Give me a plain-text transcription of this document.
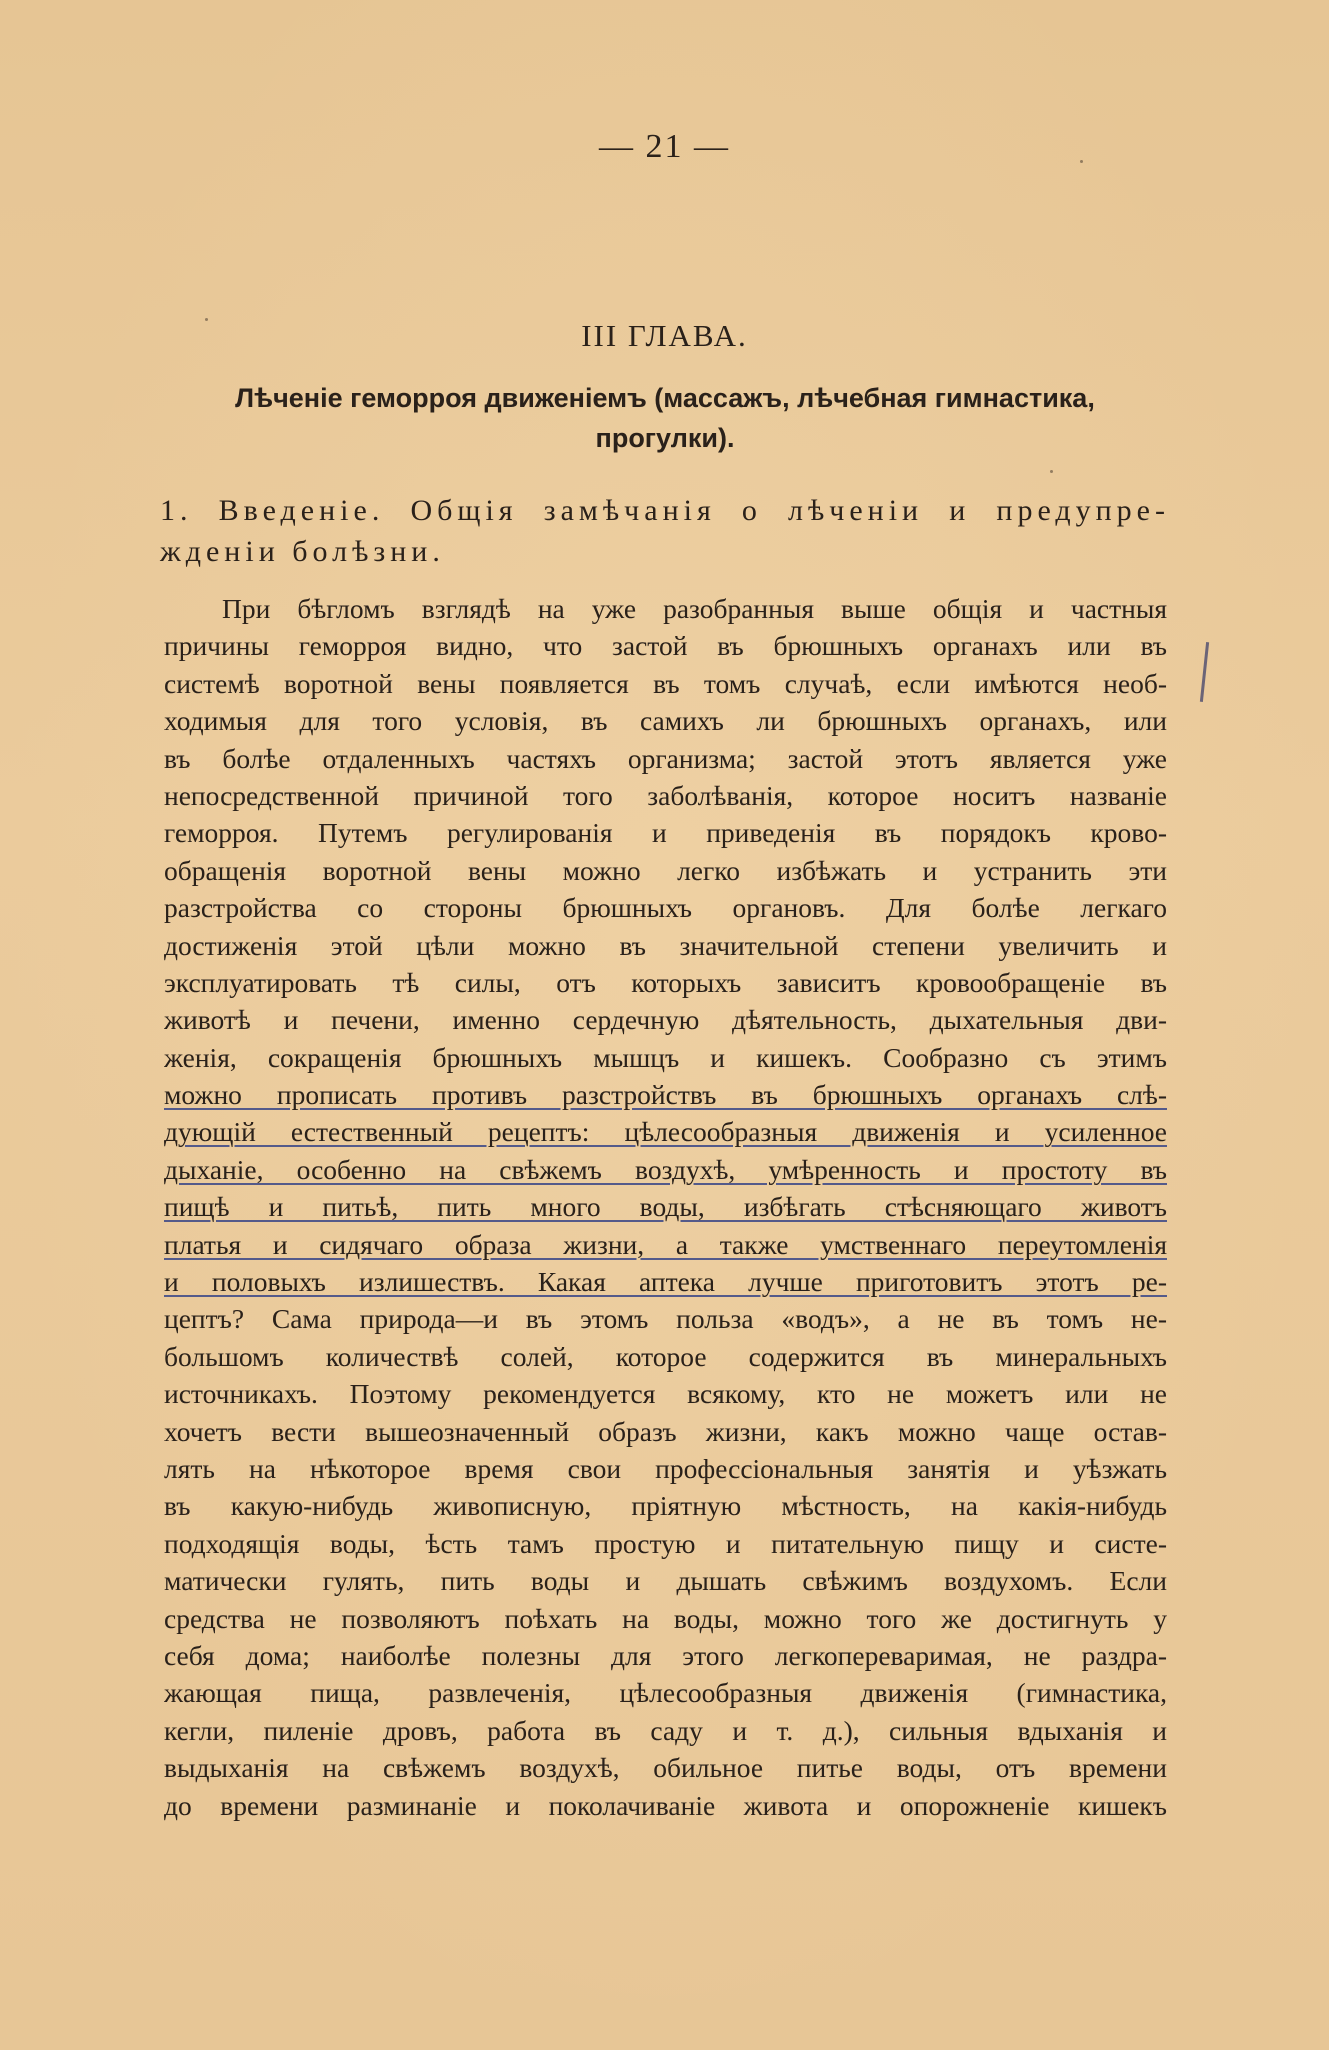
— 21 —
III ГЛАВА.
Лѣченіе геморроя движеніемъ (массажъ, лѣчебная гимнастика,
прогулки).
1. Введеніе. Общія замѣчанія о лѣченіи и предупре-
жденіи болѣзни.
При бѣгломъ взглядѣ на уже разобранныя выше общія и частныя
причины геморроя видно, что застой въ брюшныхъ органахъ или въ
системѣ воротной вены появляется въ томъ случаѣ, если имѣются необ-
ходимыя для того условія, въ самихъ ли брюшныхъ органахъ, или
въ болѣе отдаленныхъ частяхъ организма; застой этотъ является уже
непосредственной причиной того заболѣванія, которое носитъ названіе
геморроя. Путемъ регулированія и приведенія въ порядокъ крово-
обращенія воротной вены можно легко избѣжать и устранить эти
разстройства со стороны брюшныхъ органовъ. Для болѣе легкаго
достиженія этой цѣли можно въ значительной степени увеличить и
эксплуатировать тѣ силы, отъ которыхъ зависитъ кровообращеніе въ
животѣ и печени, именно сердечную дѣятельность, дыхательныя дви-
женія, сокращенія брюшныхъ мышцъ и кишекъ. Сообразно съ этимъ
можно прописать противъ разстройствъ въ брюшныхъ органахъ слѣ-
дующій естественный рецептъ: цѣлесообразныя движенія и усиленное
дыханіе, особенно на свѣжемъ воздухѣ, умѣренность и простоту въ
пищѣ и питьѣ, пить много воды, избѣгать стѣсняющаго животъ
платья и сидячаго образа жизни, а также умственнаго переутомленія
и половыхъ излишествъ. Какая аптека лучше приготовитъ этотъ ре-
цептъ? Сама природа—и въ этомъ польза «водъ», а не въ томъ не-
большомъ количествѣ солей, которое содержится въ минеральныхъ
источникахъ. Поэтому рекомендуется всякому, кто не можетъ или не
хочетъ вести вышеозначенный образъ жизни, какъ можно чаще остав-
лять на нѣкоторое время свои профессіональныя занятія и уѣзжать
въ какую-нибудь живописную, пріятную мѣстность, на какія-нибудь
подходящія воды, ѣсть тамъ простую и питательную пищу и систе-
матически гулять, пить воды и дышать свѣжимъ воздухомъ. Если
средства не позволяютъ поѣхать на воды, можно того же достигнуть у
себя дома; наиболѣе полезны для этого легкопереваримая, не раздра-
жающая пища, развлеченія, цѣлесообразныя движенія (гимнастика,
кегли, пиленіе дровъ, работа въ саду и т. д.), сильныя вдыханія и
выдыханія на свѣжемъ воздухѣ, обильное питье воды, отъ времени
до времени разминаніе и поколачиваніе живота и опорожненіе кишекъ
